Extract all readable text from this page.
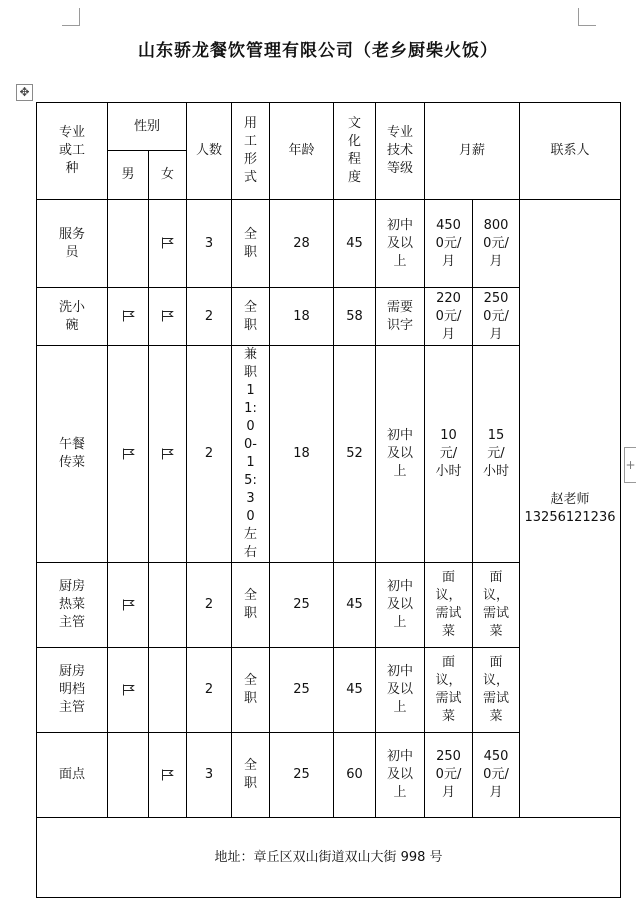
山东骄龙餐饮管理有限公司（老乡厨柴火饭）
✥
+
专业或工种	性别		人数	用工形式	年龄	文化程度	专业技术等级	月薪		联系人
	男	女								
服务员			3	全职	28	45	初中及以上	4500元/月	8000元/月	赵老师
13256121236

洗小碗			2	全职	18	58	需要识字	2200元/月	2500元/月	
午餐传菜			2	兼职11:00-15:30左右	18	52	初中及以上	10元/小时	15元/小时	
厨房热菜主管			2	全职	25	45	初中及以上	面议，需试菜	面议，需试菜	
厨房明档主管			2	全职	25	45	初中及以上	面议，需试菜	面议，需试菜	
面点			3	全职	25	60	初中及以上	2500元/月	4500元/月	
地址：章丘区双山街道双山大街 998 号										
